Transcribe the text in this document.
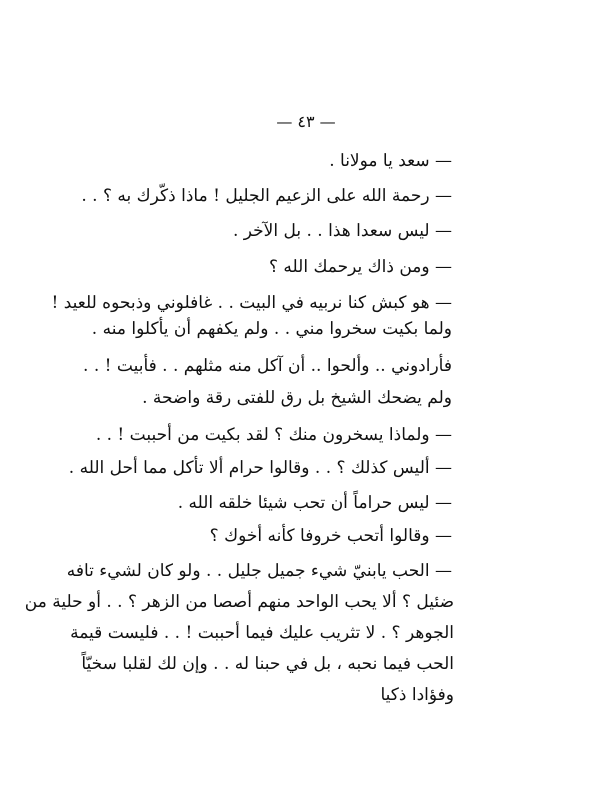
— ٤٣ —
— سعد يا مولانا .
— رحمة الله على الزعيم الجليل ! ماذا ذكّرك به ؟ . .
— ليس سعدا هذا . . بل الآخر .
— ومن ذاك يرحمك الله ؟
— هو كبش كنا نربيه في البيت . . غافلوني وذبحوه للعيد !
ولما بكيت سخروا مني . . ولم يكفهم أن يأكلوا منه .
فأرادوني .. وألحوا .. أن آكل منه مثلهم . . فأبيت ! . .
ولم يضحك الشيخ بل رق للفتى رقة واضحة .
— ولماذا يسخرون منك ؟ لقد بكيت من أحببت ! . .
— أليس كذلك ؟ . . وقالوا حرام ألا تأكل مما أحل الله .
— ليس حراماً أن تحب شيئا خلقه الله .
— وقالوا أتحب خروفا كأنه أخوك ؟
— الحب يابنيّ شيء جميل جليل . . ولو كان لشيء تافه
ضئيل ؟ ألا يحب الواحد منهم أصصا من الزهر ؟ . . أو حلية من
الجوهر ؟ . لا تثريب عليك فيما أحببت ! . . فليست قيمة
الحب فيما نحبه ، بل في حبنا له . . وإن لك لقلبا سخيّاً
وفؤادا ذكيا
